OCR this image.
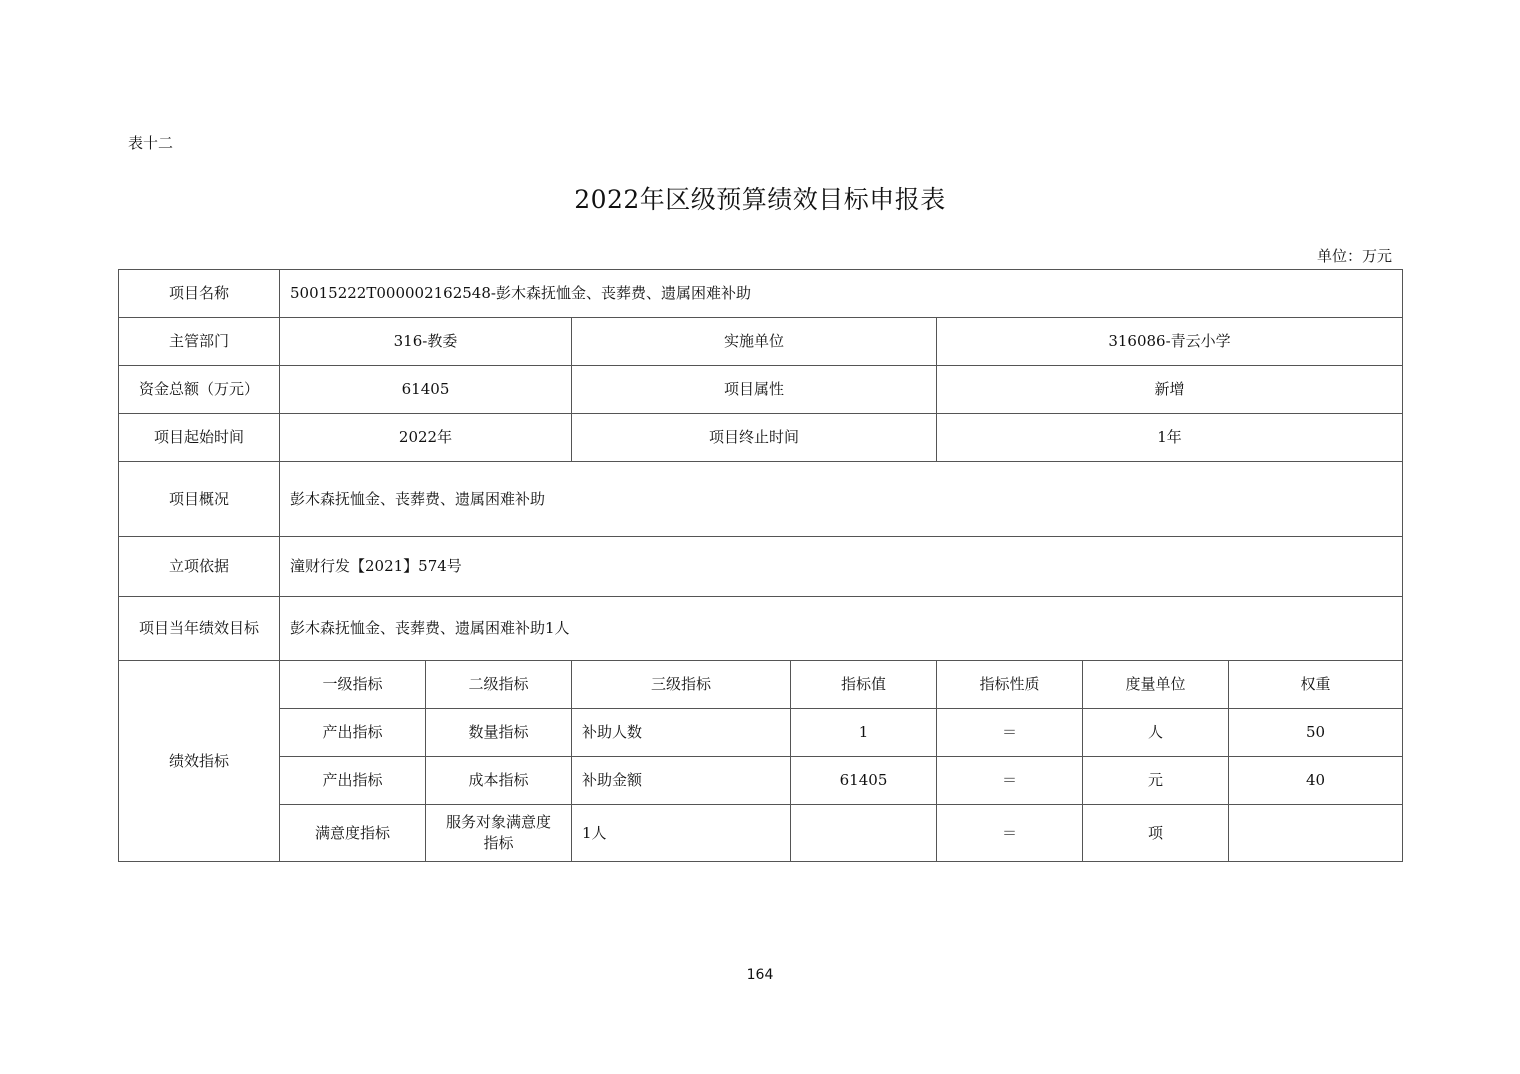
表十二
2022年区级预算绩效目标申报表
单位：万元
项目名称	50015222T000002162548-彭木森抚恤金、丧葬费、遗属困难补助						
主管部门	316-教委		实施单位		316086-青云小学		
资金总额（万元）	61405		项目属性		新增		
项目起始时间	2022年		项目终止时间		1年		
项目概况	彭木森抚恤金、丧葬费、遗属困难补助						
立项依据	潼财行发【2021】574号						
项目当年绩效目标	彭木森抚恤金、丧葬费、遗属困难补助1人						
绩效指标	一级指标	二级指标	三级指标	指标值	指标性质	度量单位	权重
	产出指标	数量指标	补助人数	1	＝	人	50
	产出指标	成本指标	补助金额	61405	＝	元	40
	满意度指标	服务对象满意度指标	1人		＝	项	
164
